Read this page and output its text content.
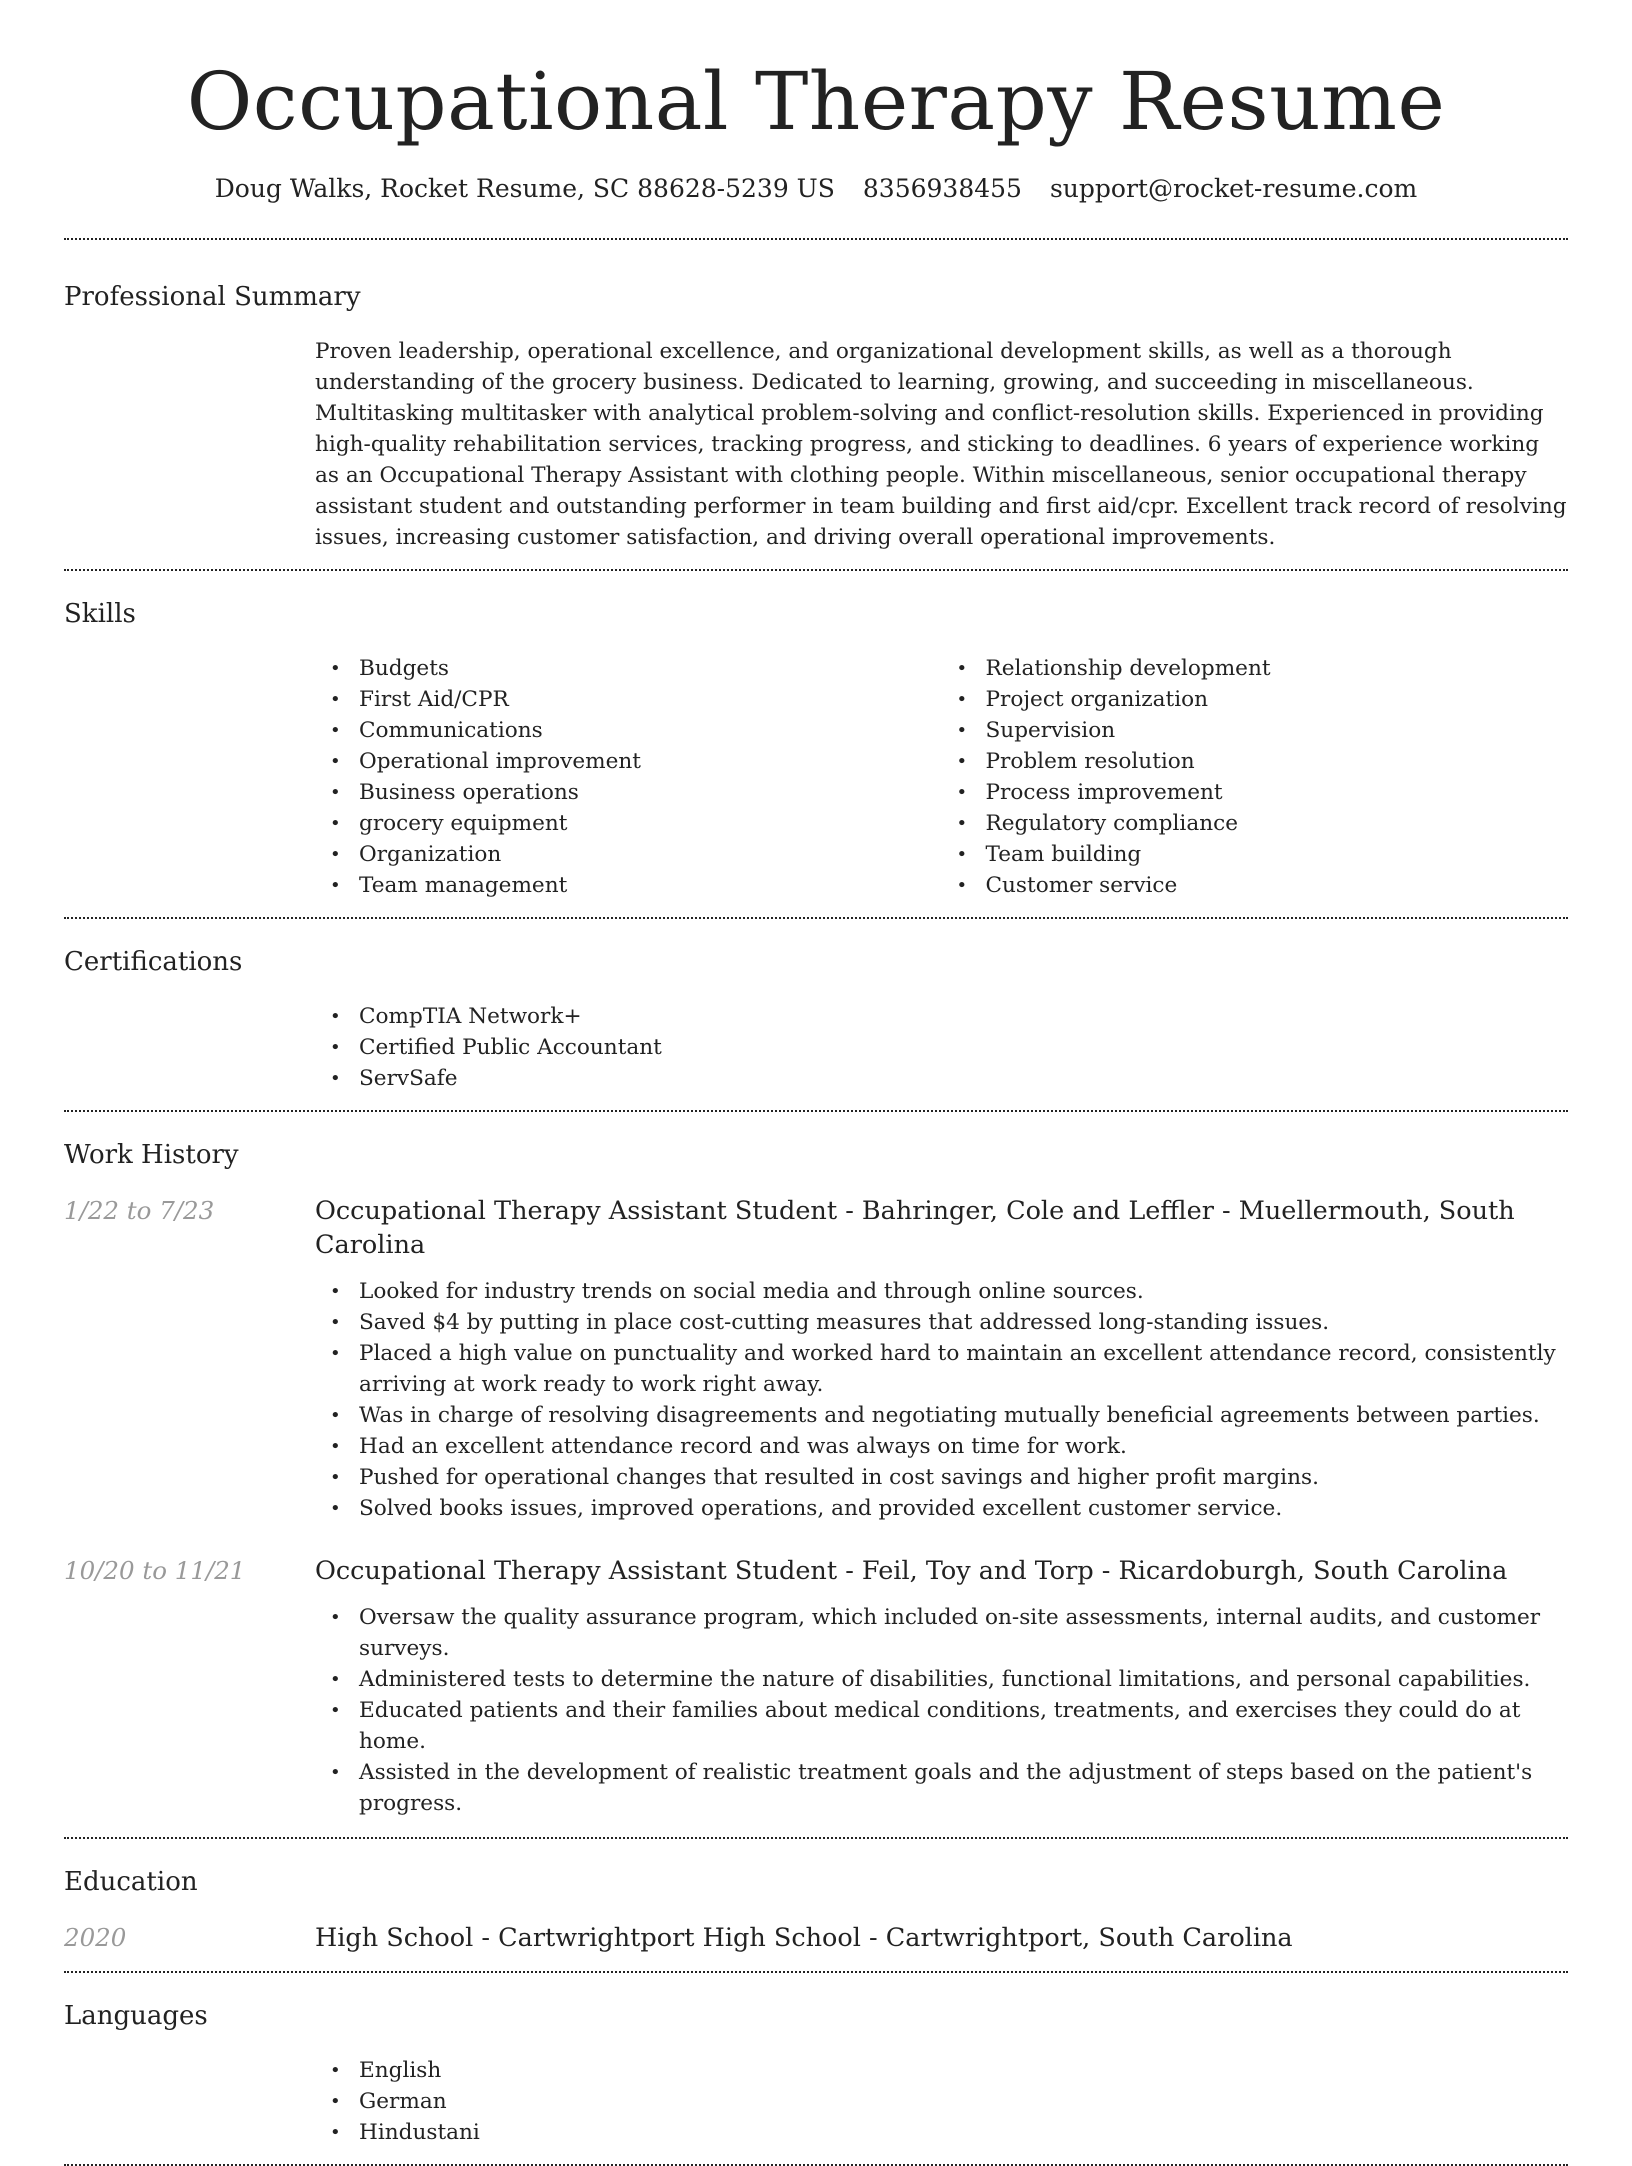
Occupational Therapy Resume
Doug Walks, Rocket Resume, SC 88628-5239 US 8356938455 support@rocket-resume.com
Professional Summary

Proven leadership, operational excellence, and organizational development skills, as well as a thorough understanding of the grocery business. Dedicated to learning, growing, and succeeding in miscellaneous. Multitasking multitasker with analytical problem-solving and conflict-resolution skills. Experienced in providing high-quality rehabilitation services, tracking progress, and sticking to deadlines. 6 years of experience working as an Occupational Therapy Assistant with clothing people. Within miscellaneous, senior occupational therapy assistant student and outstanding performer in team building and first aid/cpr. Excellent track record of resolving issues, increasing customer satisfaction, and driving overall operational improvements.

Skills
• Budgets
• First Aid/CPR
• Communications
• Operational improvement
• Business operations
• grocery equipment
• Organization
• Team management
• Relationship development
• Project organization
• Supervision
• Problem resolution
• Process improvement
• Regulatory compliance
• Team building
• Customer service
Certifications
• CompTIA Network+
• Certified Public Accountant
• ServSafe
Work History
1/22 to 7/23	Occupational Therapy Assistant Student - Bahringer, Cole and Leffler - Muellermouth, South Carolina
• Looked for industry trends on social media and through online sources.
• Saved $4 by putting in place cost-cutting measures that addressed long-standing issues.
• Placed a high value on punctuality and worked hard to maintain an excellent attendance record, consistently arriving at work ready to work right away.
• Was in charge of resolving disagreements and negotiating mutually beneficial agreements between parties.
• Had an excellent attendance record and was always on time for work.
• Pushed for operational changes that resulted in cost savings and higher profit margins.
• Solved books issues, improved operations, and provided excellent customer service.
10/20 to 11/21	Occupational Therapy Assistant Student - Feil, Toy and Torp - Ricardoburgh, South Carolina
• Oversaw the quality assurance program, which included on-site assessments, internal audits, and customer surveys.
• Administered tests to determine the nature of disabilities, functional limitations, and personal capabilities.
• Educated patients and their families about medical conditions, treatments, and exercises they could do at home.
• Assisted in the development of realistic treatment goals and the adjustment of steps based on the patient's progress.
Education
2020	High School - Cartwrightport High School - Cartwrightport, South Carolina
Languages
• English
• German
• Hindustani
